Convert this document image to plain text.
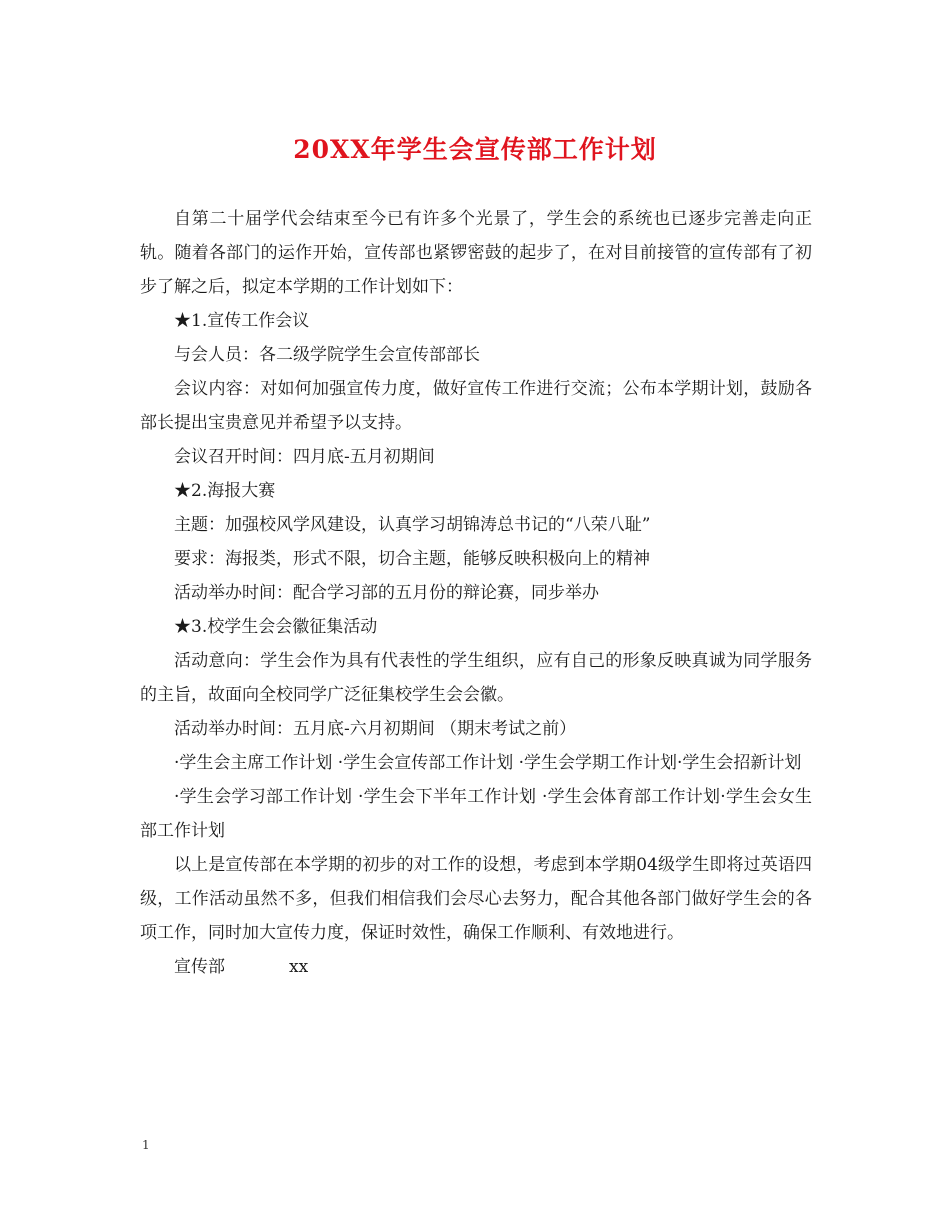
20XX年学生会宣传部工作计划

自第二十届学代会结束至今已有许多个光景了，学生会的系统也已逐步完善走向正轨。随着各部门的运作开始，宣传部也紧锣密鼓的起步了，在对目前接管的宣传部有了初步了解之后，拟定本学期的工作计划如下：

★1.宣传工作会议

与会人员：各二级学院学生会宣传部部长

会议内容：对如何加强宣传力度，做好宣传工作进行交流；公布本学期计划，鼓励各部长提出宝贵意见并希望予以支持。

会议召开时间：四月底-五月初期间

★2.海报大赛

主题：加强校风学风建设，认真学习胡锦涛总书记的“八荣八耻”

要求：海报类，形式不限，切合主题，能够反映积极向上的精神

活动举办时间：配合学习部的五月份的辩论赛，同步举办

★3.校学生会会徽征集活动

活动意向：学生会作为具有代表性的学生组织，应有自己的形象反映真诚为同学服务的主旨，故面向全校同学广泛征集校学生会会徽。

活动举办时间：五月底-六月初期间 （期末考试之前）

·学生会主席工作计划 ·学生会宣传部工作计划 ·学生会学期工作计划·学生会招新计划

·学生会学习部工作计划 ·学生会下半年工作计划 ·学生会体育部工作计划·学生会女生部工作计划

以上是宣传部在本学期的初步的对工作的设想，考虑到本学期04级学生即将过英语四级，工作活动虽然不多，但我们相信我们会尽心去努力，配合其他各部门做好学生会的各项工作，同时加大宣传力度，保证时效性，确保工作顺利、有效地进行。

宣传部	xx

1
